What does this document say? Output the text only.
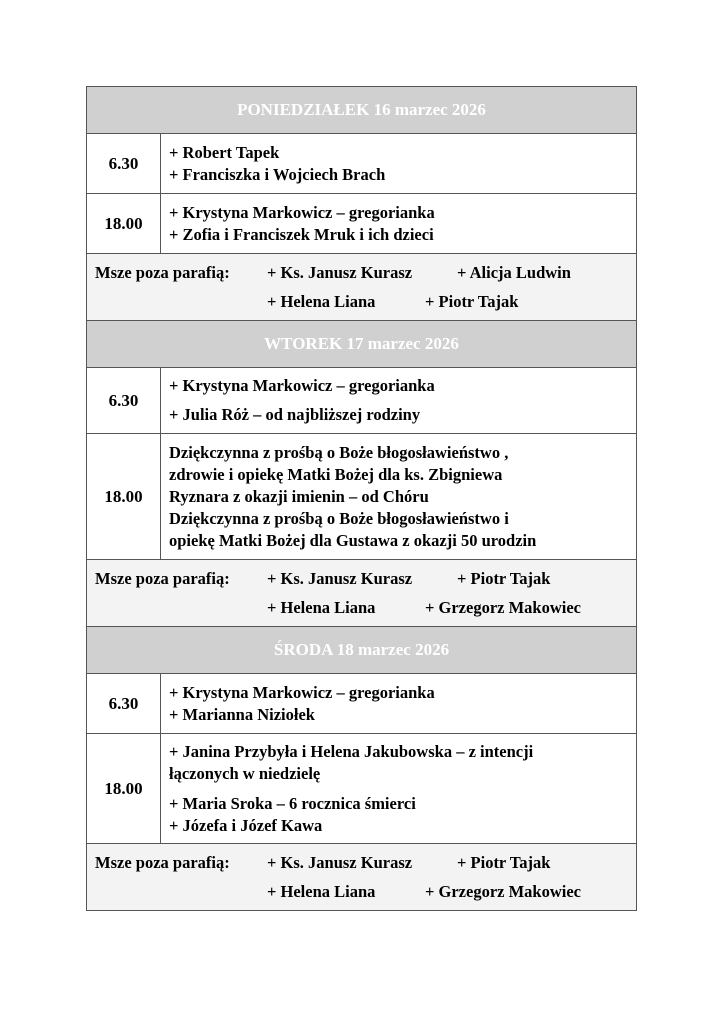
PONIEDZIAŁEK 16 marzec 2026	
6.30	+ Robert Tapek
+ Franciszka i Wojciech Brach

18.00	+ Krystyna Markowicz – gregorianka
+ Zofia i Franciszek Mruk i ich dzieci

Msze poza parafią: + Ks. Janusz Kurasz + Alicja Ludwin
+ Helena Liana + Piotr Tajak	

WTOREK 17 marzec 2026	
6.30	+ Krystyna Markowicz – gregorianka
+ Julia Róż – od najbliższej rodziny

18.00	Dziękczynna z prośbą o Boże błogosławieństwo ,
zdrowie i opiekę Matki Bożej dla ks. Zbigniewa
Ryznara z okazji imienin – od Chóru
Dziękczynna z prośbą o Boże błogosławieństwo i
opiekę Matki Bożej dla Gustawa z okazji 50 urodzin

Msze poza parafią: + Ks. Janusz Kurasz + Piotr Tajak
+ Helena Liana + Grzegorz Makowiec	

ŚRODA 18 marzec 2026	
6.30	+ Krystyna Markowicz – gregorianka
+ Marianna Niziołek

18.00	+ Janina Przybyła i Helena Jakubowska – z intencji
łączonych w niedzielę
+ Maria Sroka – 6 rocznica śmierci
+ Józefa i Józef Kawa

Msze poza parafią: + Ks. Janusz Kurasz + Piotr Tajak
+ Helena Liana + Grzegorz Makowiec	
